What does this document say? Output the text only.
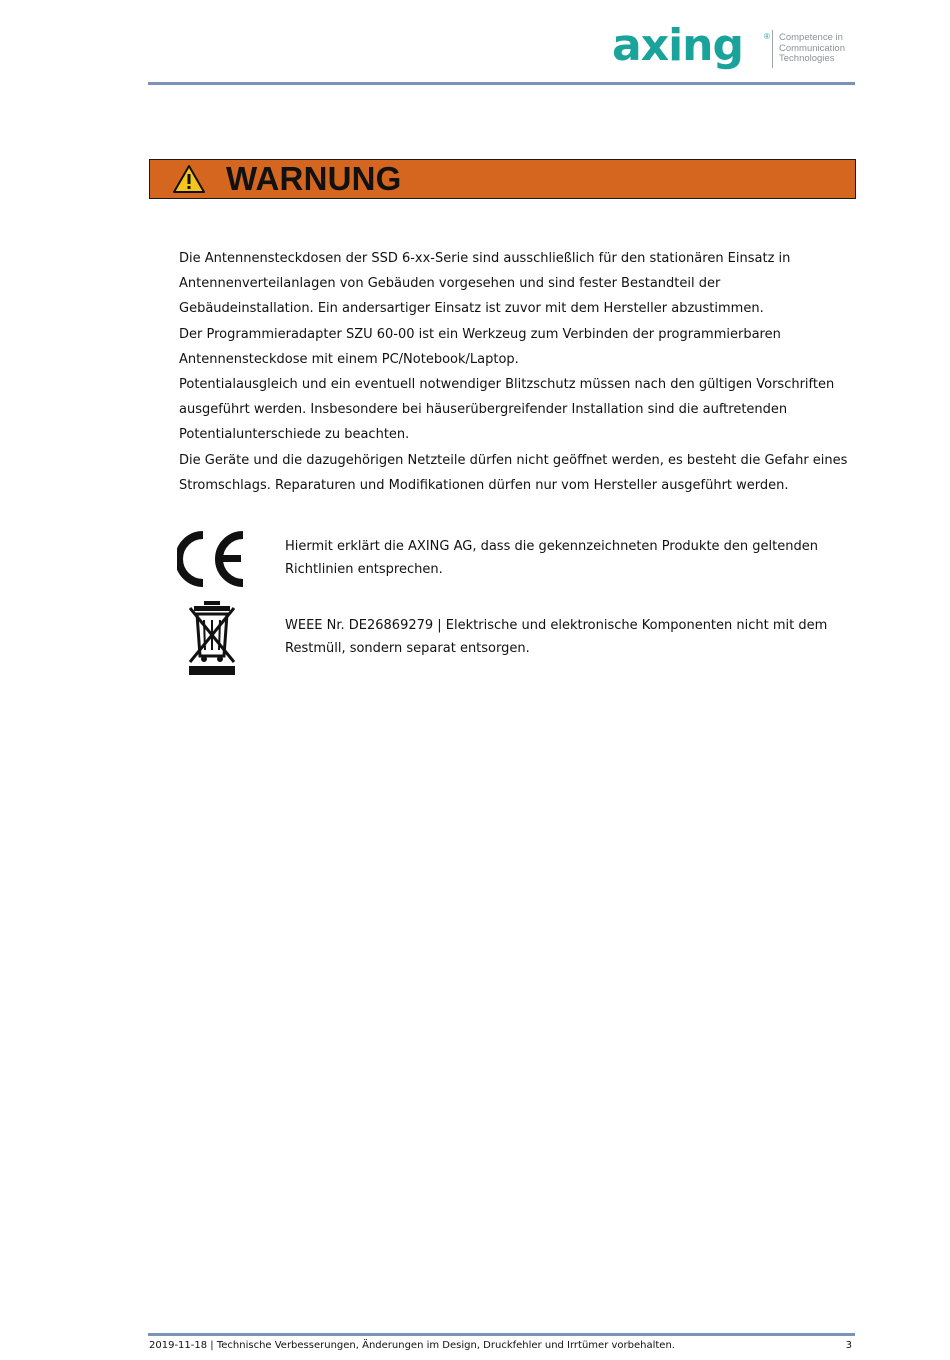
axing	® Competence in
Communication
Technologies
WARNUNG

Die Antennensteckdosen der SSD 6-xx-Serie sind ausschließlich für den stationären Einsatz in Antennenverteilanlagen von Gebäuden vorgesehen und sind fester Bestandteil der Gebäudeinstallation. Ein andersartiger Einsatz ist zuvor mit dem Hersteller abzustimmen.

Der Programmieradapter SZU 60-00 ist ein Werkzeug zum Verbinden der programmierbaren Antennensteckdose mit einem PC/Notebook/Laptop.

Potentialausgleich und ein eventuell notwendiger Blitzschutz müssen nach den gültigen Vorschriften ausgeführt werden. Insbesondere bei häuserübergreifender Installation sind die auftretenden Potentialunterschiede zu beachten.

Die Geräte und die dazugehörigen Netzteile dürfen nicht geöffnet werden, es besteht die Gefahr eines Stromschlags. Reparaturen und Modifikationen dürfen nur vom Hersteller ausgeführt werden.

Hiermit erklärt die AXING AG, dass die gekennzeichneten Produkte den geltenden Richtlinien entsprechen.
WEEE Nr. DE26869279 | Elektrische und elektronische Komponenten nicht mit dem Restmüll, sondern separat entsorgen.
2019-11-18 | Technische Verbesserungen, Änderungen im Design, Druckfehler und Irrtümer vorbehalten.	3
